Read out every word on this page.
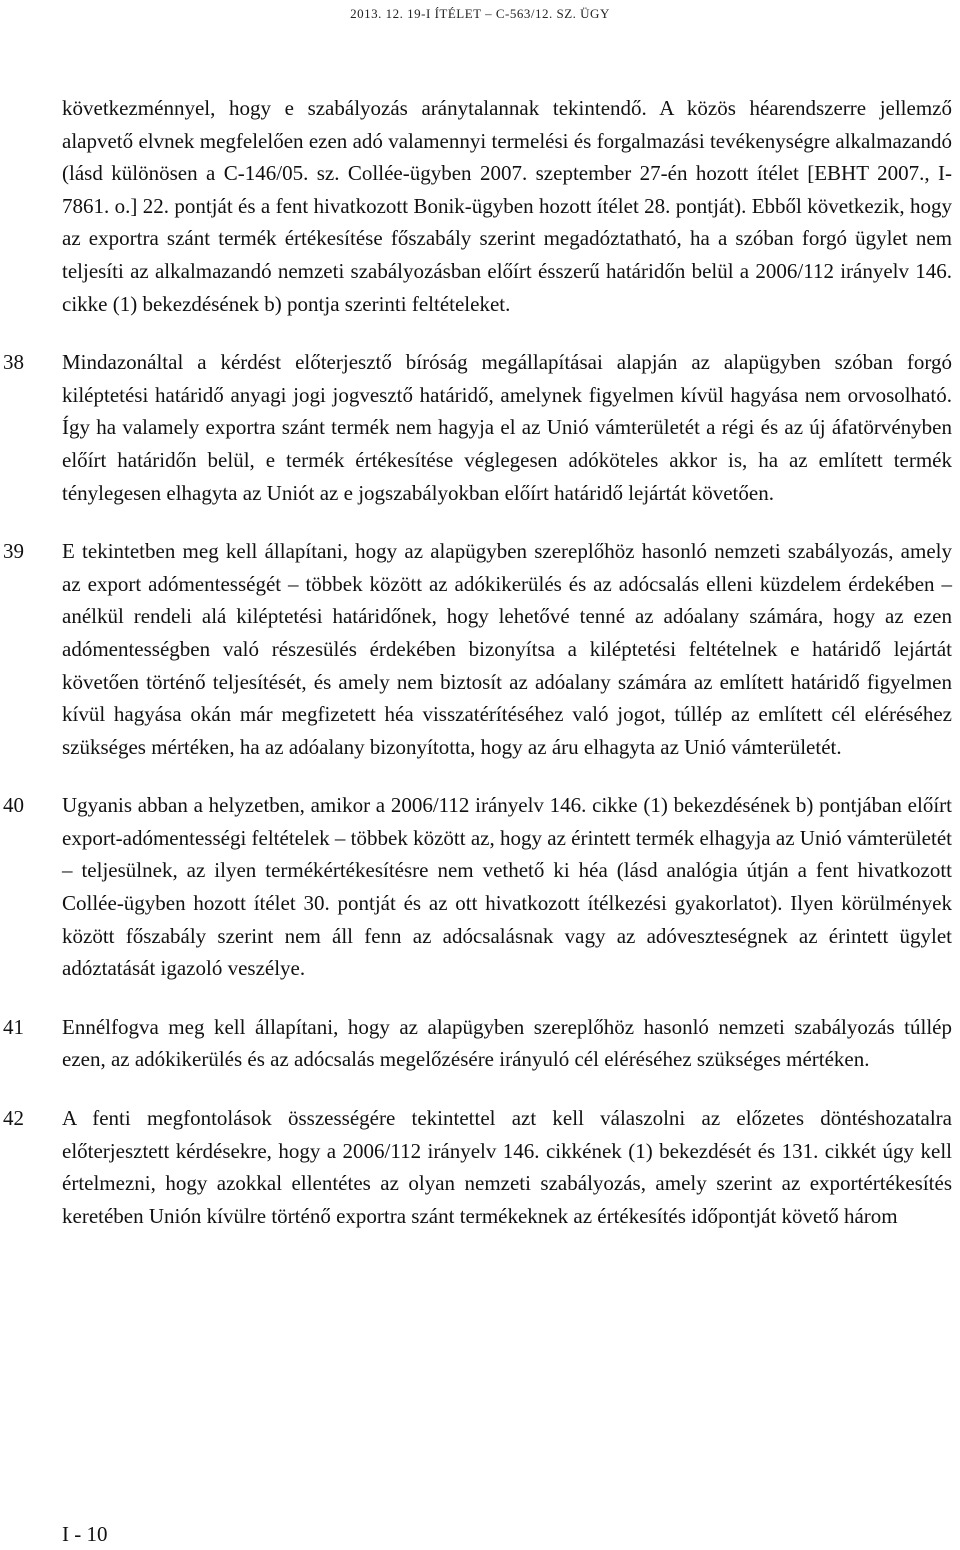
2013. 12. 19-I ÍTÉLET – C-563/12. SZ. ÜGY
következménnyel, hogy e szabályozás aránytalannak tekintendő. A közös héarendszerre jellemző alapvető elvnek megfelelően ezen adó valamennyi termelési és forgalmazási tevékenységre alkalmazandó (lásd különösen a C-146/05. sz. Collée-ügyben 2007. szeptember 27-én hozott ítélet [EBHT 2007., I-7861. o.] 22. pontját és a fent hivatkozott Bonik-ügyben hozott ítélet 28. pontját). Ebből következik, hogy az exportra szánt termék értékesítése főszabály szerint megadóztatható, ha a szóban forgó ügylet nem teljesíti az alkalmazandó nemzeti szabályozásban előírt ésszerű határidőn belül a 2006/112 irányelv 146. cikke (1) bekezdésének b) pontja szerinti feltételeket.
38 Mindazonáltal a kérdést előterjesztő bíróság megállapításai alapján az alapügyben szóban forgó kiléptetési határidő anyagi jogi jogvesztő határidő, amelynek figyelmen kívül hagyása nem orvosolható. Így ha valamely exportra szánt termék nem hagyja el az Unió vámterületét a régi és az új áfatörvényben előírt határidőn belül, e termék értékesítése véglegesen adóköteles akkor is, ha az említett termék ténylegesen elhagyta az Uniót az e jogszabályokban előírt határidő lejártát követően.
39 E tekintetben meg kell állapítani, hogy az alapügyben szereplőhöz hasonló nemzeti szabályozás, amely az export adómentességét – többek között az adókikerülés és az adócsalás elleni küzdelem érdekében – anélkül rendeli alá kiléptetési határidőnek, hogy lehetővé tenné az adóalany számára, hogy az ezen adómentességben való részesülés érdekében bizonyítsa a kiléptetési feltételnek e határidő lejártát követően történő teljesítését, és amely nem biztosít az adóalany számára az említett határidő figyelmen kívül hagyása okán már megfizetett héa visszatérítéséhez való jogot, túllép az említett cél eléréséhez szükséges mértéken, ha az adóalany bizonyította, hogy az áru elhagyta az Unió vámterületét.
40 Ugyanis abban a helyzetben, amikor a 2006/112 irányelv 146. cikke (1) bekezdésének b) pontjában előírt export-adómentességi feltételek – többek között az, hogy az érintett termék elhagyja az Unió vámterületét – teljesülnek, az ilyen termékértékesítésre nem vethető ki héa (lásd analógia útján a fent hivatkozott Collée-ügyben hozott ítélet 30. pontját és az ott hivatkozott ítélkezési gyakorlatot). Ilyen körülmények között főszabály szerint nem áll fenn az adócsalásnak vagy az adóveszteségnek az érintett ügylet adóztatását igazoló veszélye.
41 Ennélfogva meg kell állapítani, hogy az alapügyben szereplőhöz hasonló nemzeti szabályozás túllép ezen, az adókikerülés és az adócsalás megelőzésére irányuló cél eléréséhez szükséges mértéken.
42 A fenti megfontolások összességére tekintettel azt kell válaszolni az előzetes döntéshozatalra előterjesztett kérdésekre, hogy a 2006/112 irányelv 146. cikkének (1) bekezdését és 131. cikkét úgy kell értelmezni, hogy azokkal ellentétes az olyan nemzeti szabályozás, amely szerint az exportértékesítés keretében Unión kívülre történő exportra szánt termékeknek az értékesítés időpontját követő három
I - 10
